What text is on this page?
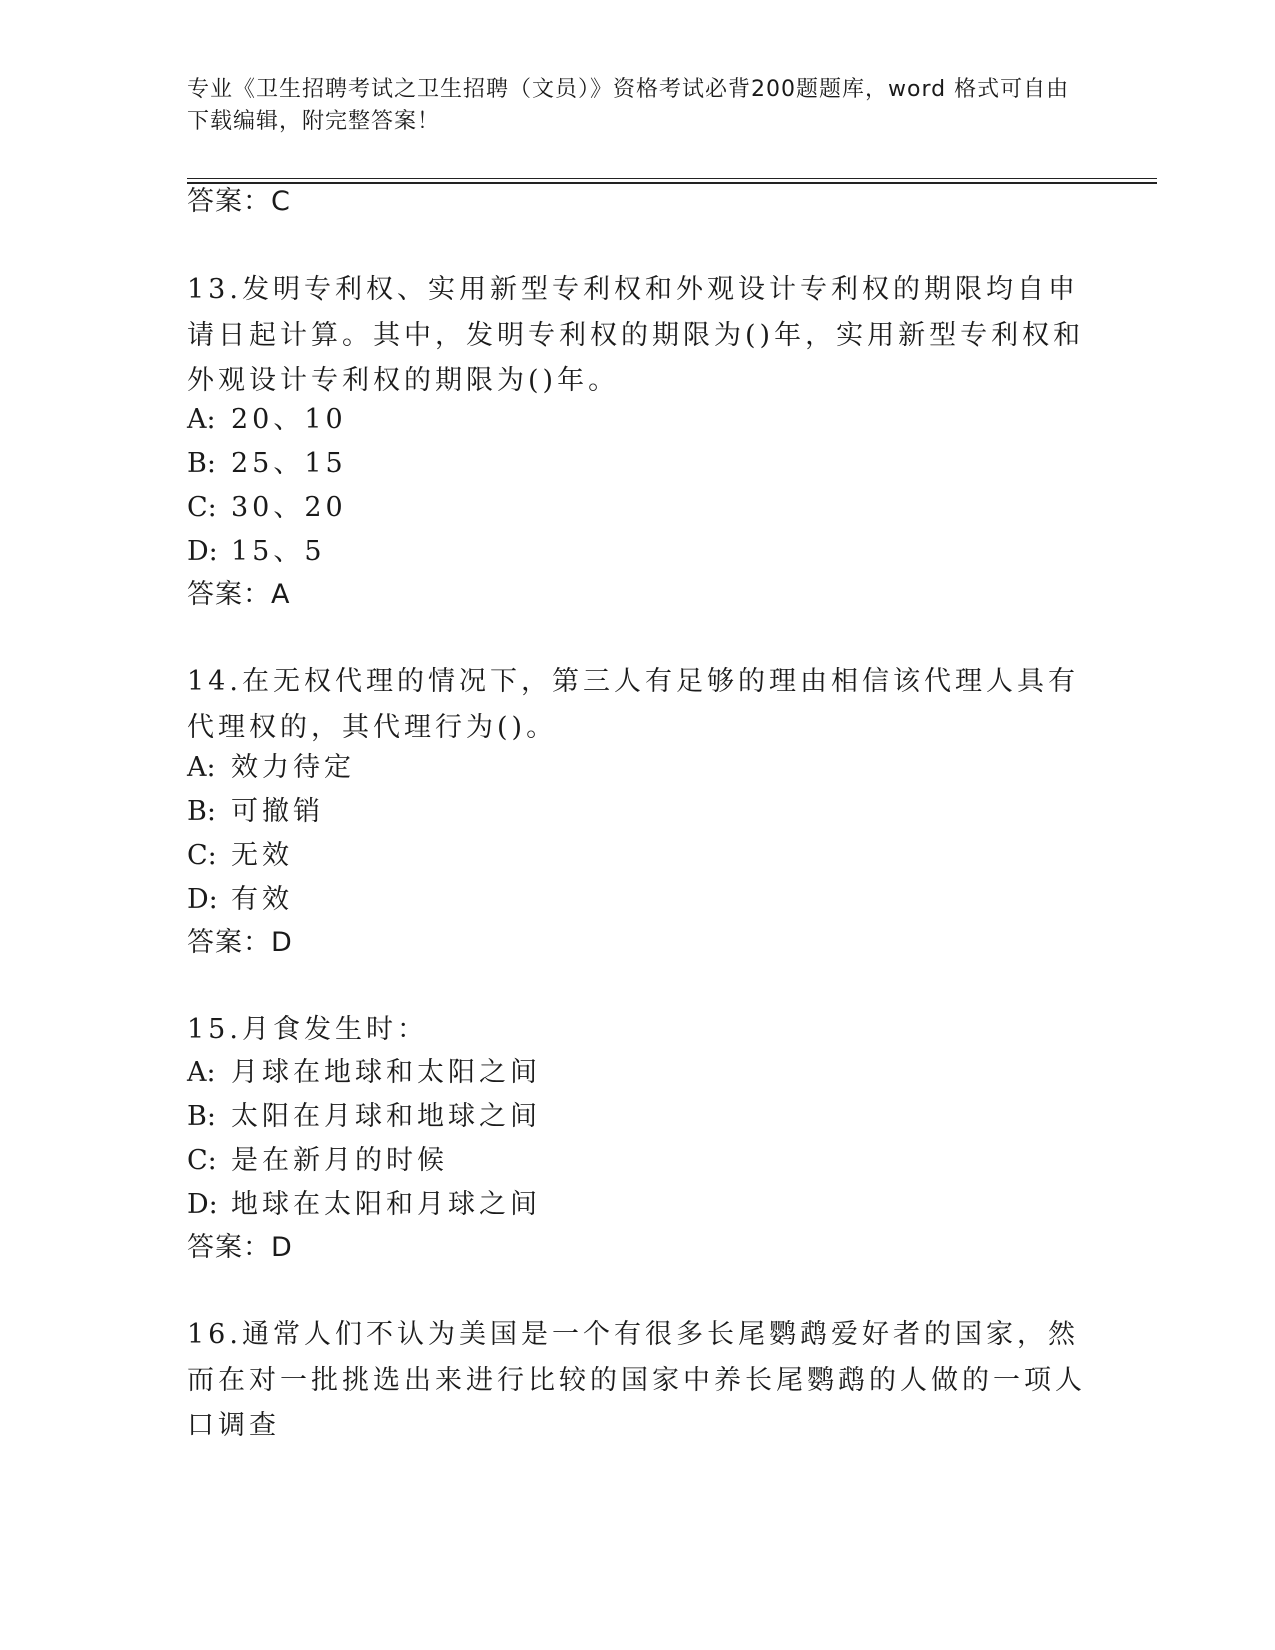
专业《卫生招聘考试之卫生招聘（文员）》资格考试必背200题题库，word 格式可自由下载编辑，附完整答案！
答案：C
13.发明专利权、实用新型专利权和外观设计专利权的期限均自申请日起计算。其中，发明专利权的期限为()年，实用新型专利权和外观设计专利权的期限为()年。
A: 20、10
B: 25、15
C: 30、20
D: 15、5
答案：A
14.在无权代理的情况下，第三人有足够的理由相信该代理人具有代理权的，其代理行为()。
A: 效力待定
B: 可撤销
C: 无效
D: 有效
答案：D
15.月食发生时：
A: 月球在地球和太阳之间
B: 太阳在月球和地球之间
C: 是在新月的时候
D: 地球在太阳和月球之间
答案：D
16.通常人们不认为美国是一个有很多长尾鹦鹉爱好者的国家，然而在对一批挑选出来进行比较的国家中养长尾鹦鹉的人做的一项人口调查
